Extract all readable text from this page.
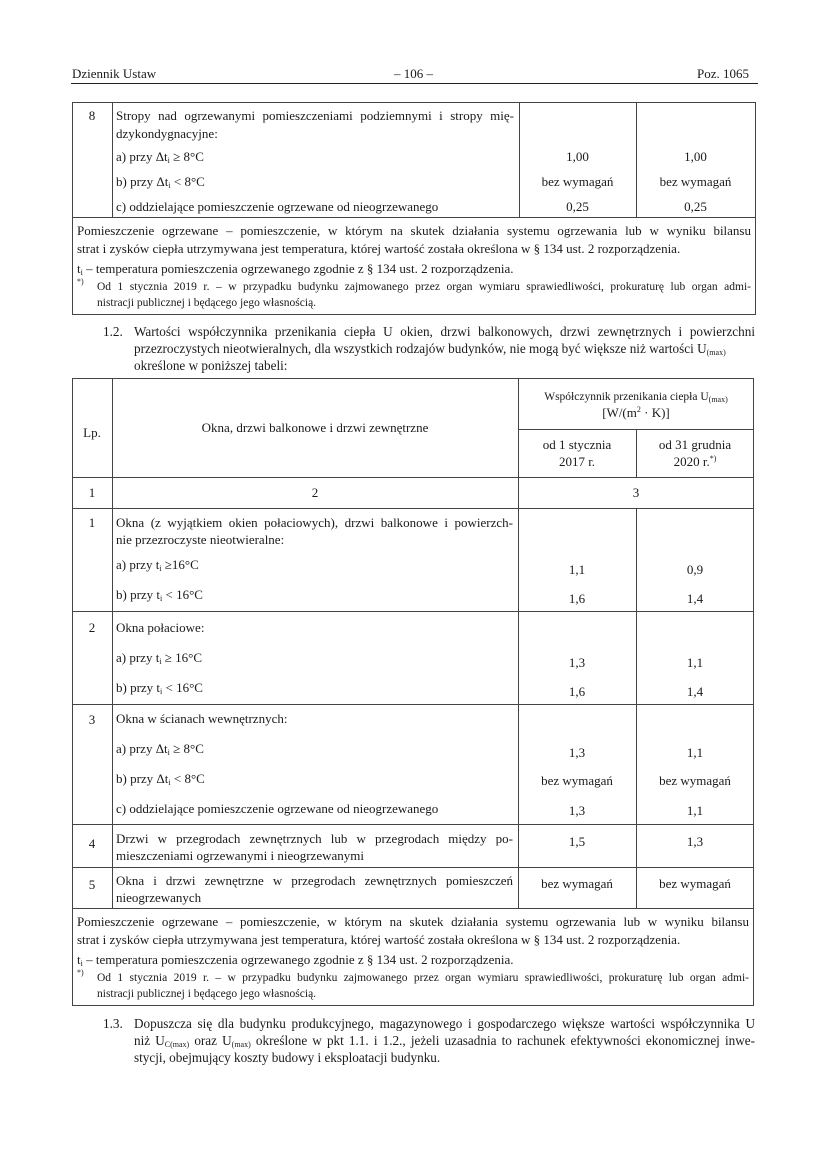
Dziennik Ustaw	– 106 –	Poz. 1065
8	Stropy nad ogrzewanymi pomieszczeniami podziemnymi i stropy mię-
dzykondygnacyjne:
a) przy $\Delta t_i \ge 8^\circ C$	1,00	1,00
b) przy $\Delta t_i < 8^\circ C$	bez wymagań	bez wymagań
c) oddzielające pomieszczenie ogrzewane od nieogrzewanego	0,25	0,25
Pomieszczenie ogrzewane – pomieszczenie, w którym na skutek działania systemu ogrzewania lub w wyniku bilansu
strat i zysków ciepła utrzymywana jest temperatura, której wartość została określona w § 134 ust. 2 rozporządzenia.
$t_i$ – temperatura pomieszczenia ogrzewanego zgodnie z § 134 ust. 2 rozporządzenia.
*) Od 1 stycznia 2019 r. – w przypadku budynku zajmowanego przez organ wymiaru sprawiedliwości, prokuraturę lub organ admi-
nistracji publicznej i będącego jego własnością.
1.2. Wartości współczynnika przenikania ciepła U okien, drzwi balkonowych, drzwi zewnętrznych i powierzchni
przezroczystych nieotwieralnych, dla wszystkich rodzajów budynków, nie mogą być większe niż wartości $U_{(max)}$
określone w poniższej tabeli:
Lp.	Okna, drzwi balkonowe i drzwi zewnętrzne
Współczynnik przenikania ciepła $U_{(max)}$
$[W/(m^2 \cdot K)]$
od 1 stycznia
2017 r.
od 31 grudnia
2020 r.*)
1	2	3
1	Okna (z wyjątkiem okien połaciowych), drzwi balkonowe i powierzch-
nie przezroczyste nieotwieralne:
a) przy $t_i \ge 16^\circ C$	1,1	0,9
b) przy $t_i < 16^\circ C$	1,6	1,4
2	Okna połaciowe:
a) przy $t_i \ge 16^\circ C$	1,3	1,1
b) przy $t_i < 16^\circ C$	1,6	1,4
3	Okna w ścianach wewnętrznych:
a) przy $\Delta t_i \ge 8^\circ C$	1,3	1,1
b) przy $\Delta t_i < 8^\circ C$	bez wymagań	bez wymagań
c) oddzielające pomieszczenie ogrzewane od nieogrzewanego	1,3	1,1
4	Drzwi w przegrodach zewnętrznych lub w przegrodach między po-
mieszczeniami ogrzewanymi i nieogrzewanymi
1,5	1,3
5	Okna i drzwi zewnętrzne w przegrodach zewnętrznych pomieszczeń
nieogrzewanych
bez wymagań	bez wymagań
Pomieszczenie ogrzewane – pomieszczenie, w którym na skutek działania systemu ogrzewania lub w wyniku bilansu
strat i zysków ciepła utrzymywana jest temperatura, której wartość została określona w § 134 ust. 2 rozporządzenia.
$t_i$ – temperatura pomieszczenia ogrzewanego zgodnie z § 134 ust. 2 rozporządzenia.
*) Od 1 stycznia 2019 r. – w przypadku budynku zajmowanego przez organ wymiaru sprawiedliwości, prokuraturę lub organ admi-
nistracji publicznej i będącego jego własnością.
1.3. Dopuszcza się dla budynku produkcyjnego, magazynowego i gospodarczego większe wartości współczynnika U
niż $U_{C(max)}$ oraz $U_{(max)}$ określone w pkt 1.1. i 1.2., jeżeli uzasadnia to rachunek efektywności ekonomicznej inwe-
stycji, obejmujący koszty budowy i eksploatacji budynku.
